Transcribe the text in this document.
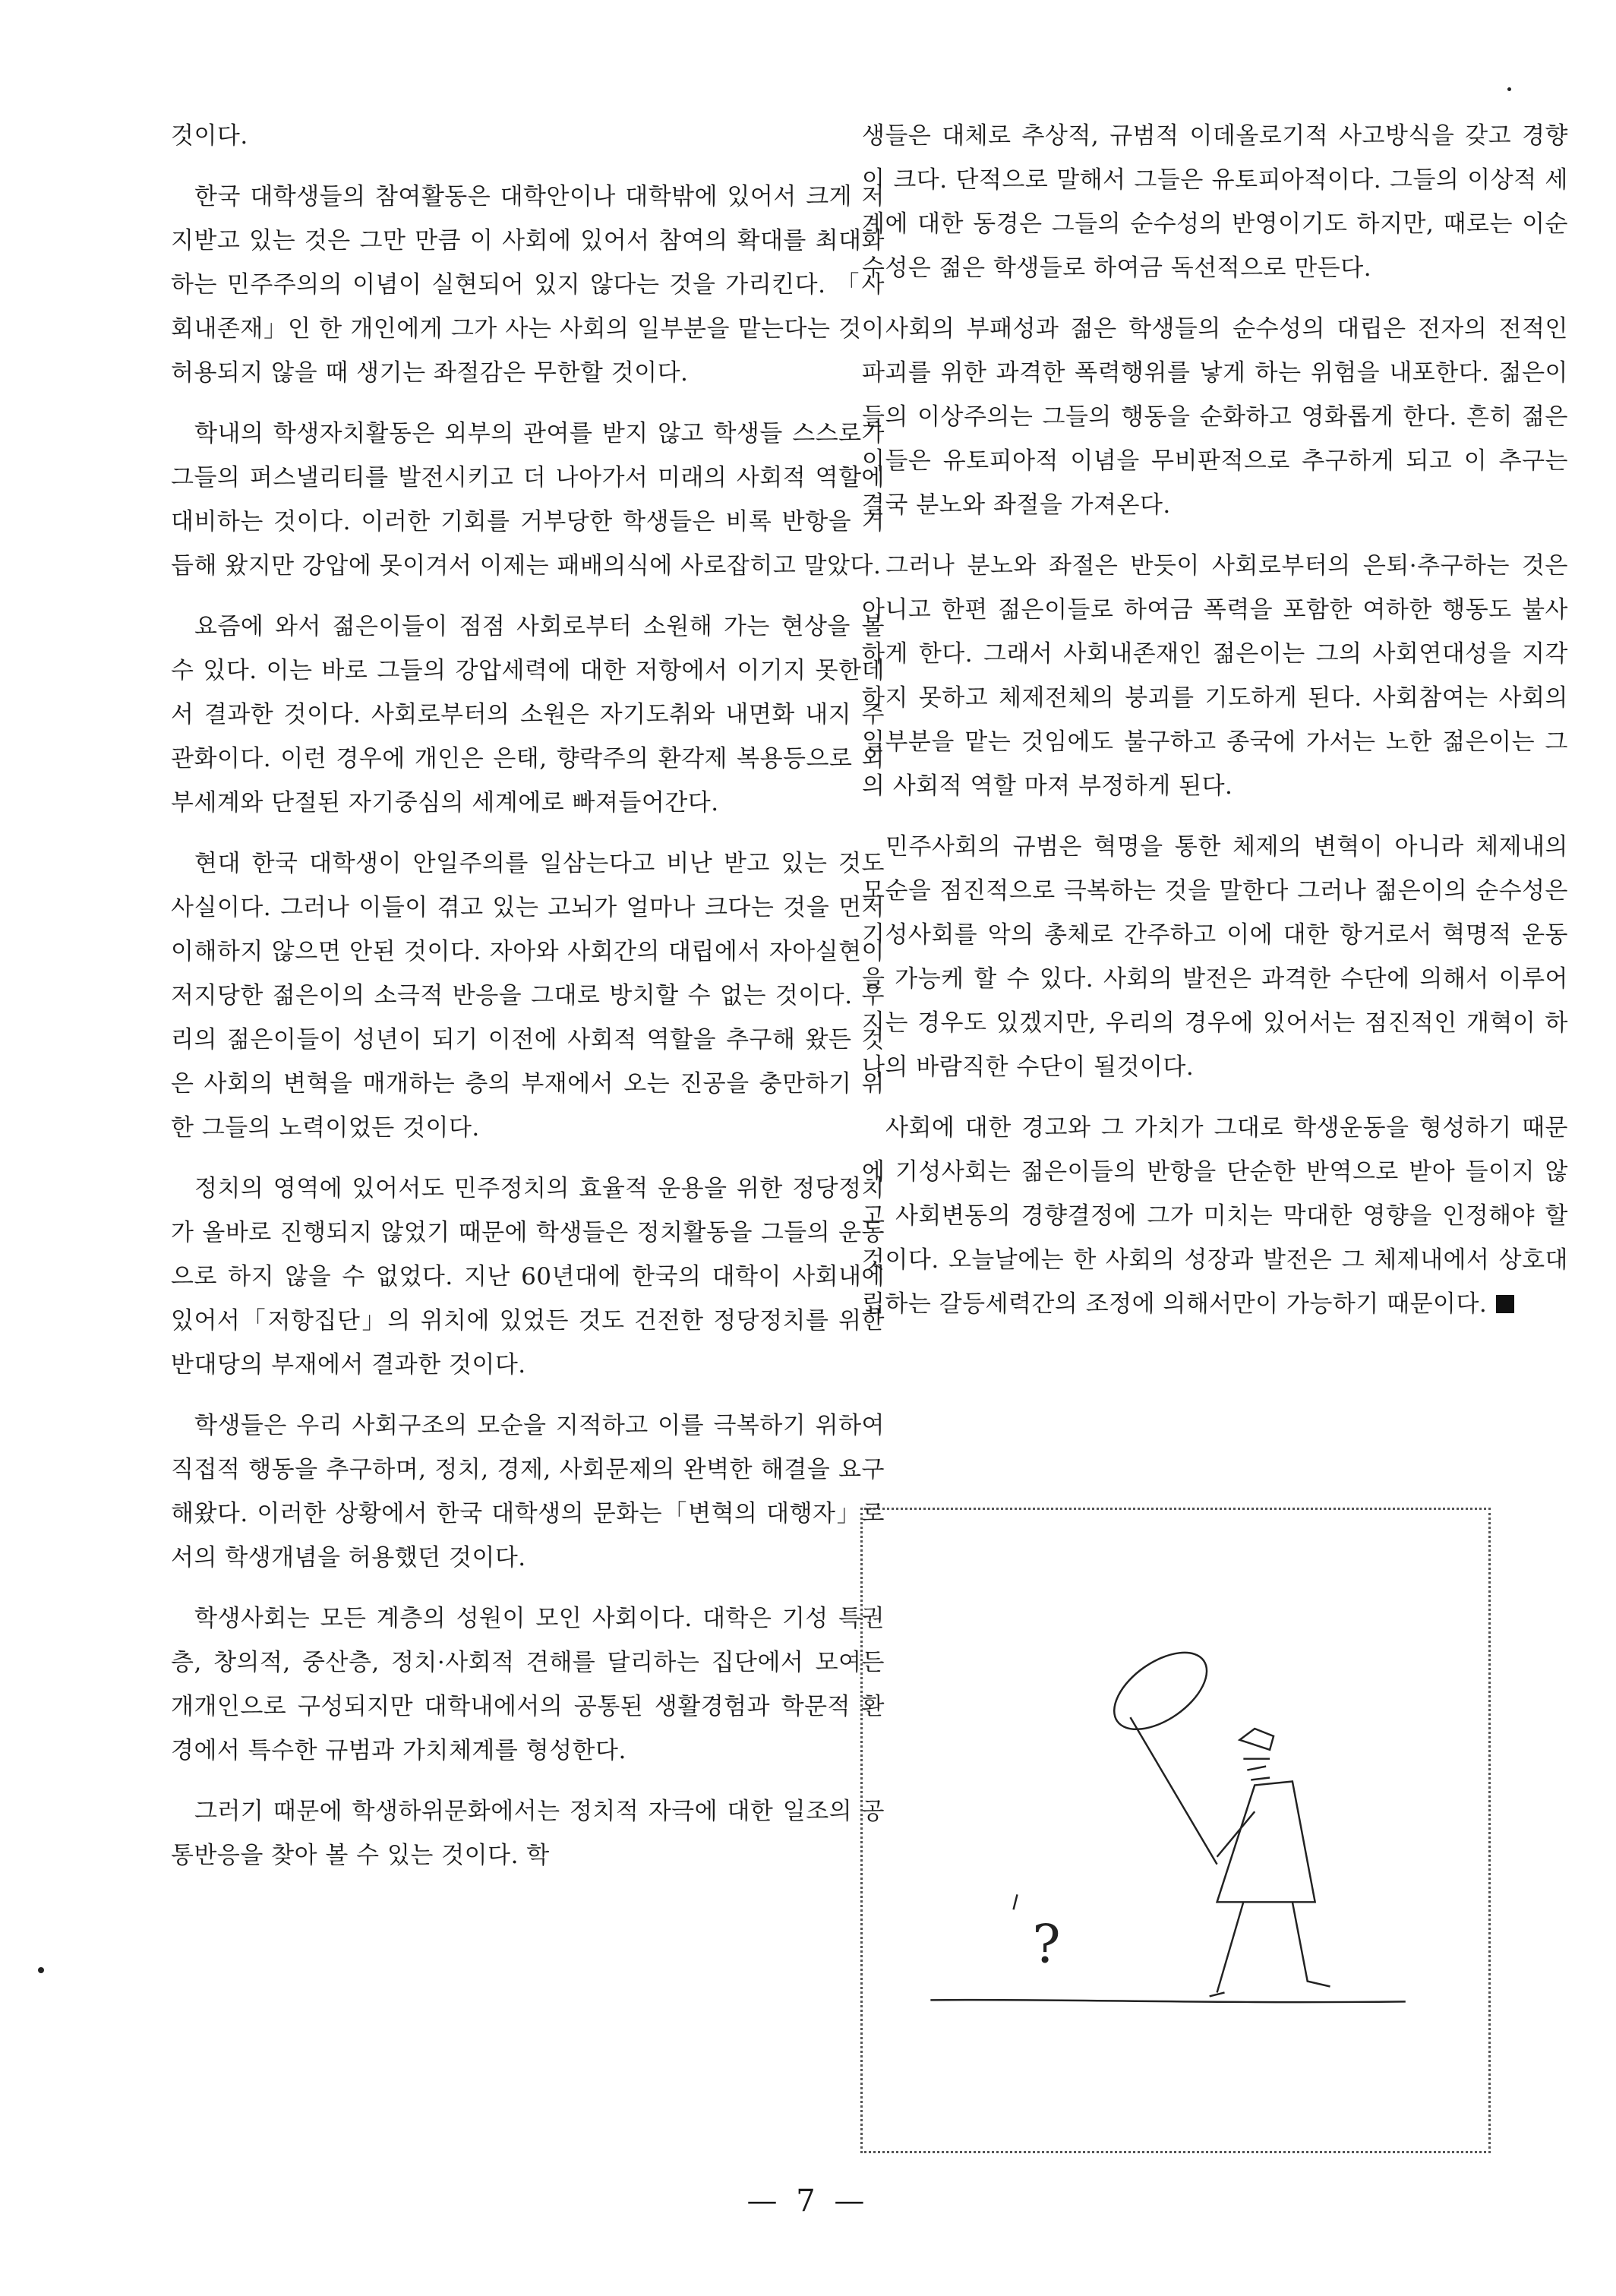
것이다.

한국 대학생들의 참여활동은 대학안이나 대학밖에 있어서 크게 저지받고 있는 것은 그만 만큼 이 사회에 있어서 참여의 확대를 최대화하는 민주주의의 이념이 실현되어 있지 않다는 것을 가리킨다. 「사회내존재」인 한 개인에게 그가 사는 사회의 일부분을 맡는다는 것이 허용되지 않을 때 생기는 좌절감은 무한할 것이다.

학내의 학생자치활동은 외부의 관여를 받지 않고 학생들 스스로가 그들의 퍼스낼리티를 발전시키고 더 나아가서 미래의 사회적 역할에 대비하는 것이다. 이러한 기회를 거부당한 학생들은 비록 반항을 거듭해 왔지만 강압에 못이겨서 이제는 패배의식에 사로잡히고 말았다.

요즘에 와서 젊은이들이 점점 사회로부터 소원해 가는 현상을 볼 수 있다. 이는 바로 그들의 강압세력에 대한 저항에서 이기지 못한데서 결과한 것이다. 사회로부터의 소원은 자기도취와 내면화 내지 주관화이다. 이런 경우에 개인은 은태, 향락주의 환각제 복용등으로 외부세계와 단절된 자기중심의 세계에로 빠져들어간다.

현대 한국 대학생이 안일주의를 일삼는다고 비난 받고 있는 것도 사실이다. 그러나 이들이 겪고 있는 고뇌가 얼마나 크다는 것을 먼저 이해하지 않으면 안된 것이다. 자아와 사회간의 대립에서 자아실현이 저지당한 젊은이의 소극적 반응을 그대로 방치할 수 없는 것이다. 우리의 젊은이들이 성년이 되기 이전에 사회적 역할을 추구해 왔든 것은 사회의 변혁을 매개하는 층의 부재에서 오는 진공을 충만하기 위한 그들의 노력이었든 것이다.

정치의 영역에 있어서도 민주정치의 효율적 운용을 위한 정당정치가 올바로 진행되지 않었기 때문에 학생들은 정치활동을 그들의 운동으로 하지 않을 수 없었다. 지난 60년대에 한국의 대학이 사회내에 있어서「저항집단」의 위치에 있었든 것도 건전한 정당정치를 위한 반대당의 부재에서 결과한 것이다.

학생들은 우리 사회구조의 모순을 지적하고 이를 극복하기 위하여 직접적 행동을 추구하며, 정치, 경제, 사회문제의 완벽한 해결을 요구해왔다. 이러한 상황에서 한국 대학생의 문화는「변혁의 대행자」로서의 학생개념을 허용했던 것이다.

학생사회는 모든 계층의 성원이 모인 사회이다. 대학은 기성 특권층, 창의적, 중산층, 정치·사회적 견해를 달리하는 집단에서 모여든 개개인으로 구성되지만 대학내에서의 공통된 생활경험과 학문적 환경에서 특수한 규범과 가치체계를 형성한다.

그러기 때문에 학생하위문화에서는 정치적 자극에 대한 일조의 공통반응을 찾아 볼 수 있는 것이다. 학

생들은 대체로 추상적, 규범적 이데올로기적 사고방식을 갖고 경향이 크다. 단적으로 말해서 그들은 유토피아적이다. 그들의 이상적 세계에 대한 동경은 그들의 순수성의 반영이기도 하지만, 때로는 이순수성은 젊은 학생들로 하여금 독선적으로 만든다.

사회의 부패성과 젊은 학생들의 순수성의 대립은 전자의 전적인 파괴를 위한 과격한 폭력행위를 낳게 하는 위험을 내포한다. 젊은이들의 이상주의는 그들의 행동을 순화하고 영화롭게 한다. 흔히 젊은이들은 유토피아적 이념을 무비판적으로 추구하게 되고 이 추구는 결국 분노와 좌절을 가져온다.

그러나 분노와 좌절은 반듯이 사회로부터의 은퇴·추구하는 것은 아니고 한편 젊은이들로 하여금 폭력을 포함한 여하한 행동도 불사하게 한다. 그래서 사회내존재인 젊은이는 그의 사회연대성을 지각하지 못하고 체제전체의 붕괴를 기도하게 된다. 사회참여는 사회의 일부분을 맡는 것임에도 불구하고 종국에 가서는 노한 젊은이는 그의 사회적 역할 마져 부정하게 된다.

민주사회의 규범은 혁명을 통한 체제의 변혁이 아니라 체제내의 모순을 점진적으로 극복하는 것을 말한다 그러나 젊은이의 순수성은 기성사회를 악의 총체로 간주하고 이에 대한 항거로서 혁명적 운동을 가능케 할 수 있다. 사회의 발전은 과격한 수단에 의해서 이루어지는 경우도 있겠지만, 우리의 경우에 있어서는 점진적인 개혁이 하나의 바람직한 수단이 될것이다.

사회에 대한 경고와 그 가치가 그대로 학생운동을 형성하기 때문에 기성사회는 젊은이들의 반항을 단순한 반역으로 받아 들이지 않고 사회변동의 경향결정에 그가 미치는 막대한 영향을 인정해야 할 것이다. 오늘날에는 한 사회의 성장과 발전은 그 체제내에서 상호대립하는 갈등세력간의 조정에 의해서만이 가능하기 때문이다.

?
— 7 —
